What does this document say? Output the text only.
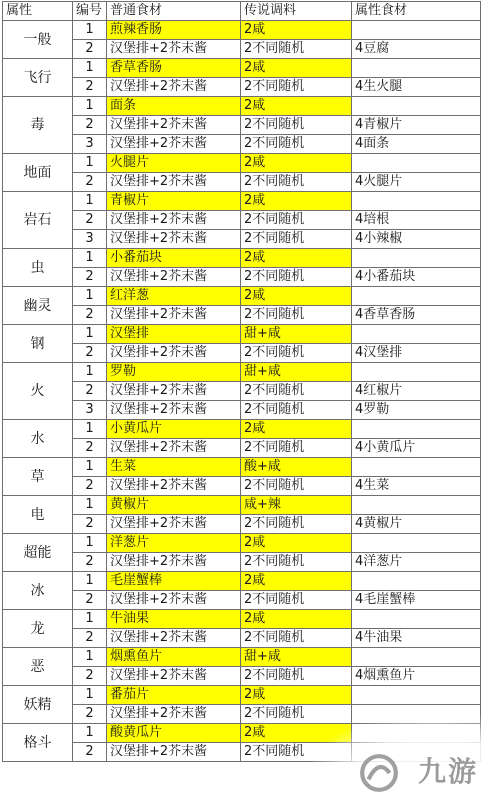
属性	编号	普通食材	传说调料	属性食材
一般	1	煎辣香肠	2咸	
	2	汉堡排+2芥末酱	2不同随机	4豆腐
飞行	1	香草香肠	2咸	
	2	汉堡排+2芥末酱	2不同随机	4生火腿
毒	1	面条	2咸	
	2	汉堡排+2芥末酱	2不同随机	4青椒片
	3	汉堡排+2芥末酱	2不同随机	4面条
地面	1	火腿片	2咸	
	2	汉堡排+2芥末酱	2不同随机	4火腿片
岩石	1	青椒片	2咸	
	2	汉堡排+2芥末酱	2不同随机	4培根
	3	汉堡排+2芥末酱	2不同随机	4小辣椒
虫	1	小番茄块	2咸	
	2	汉堡排+2芥末酱	2不同随机	4小番茄块
幽灵	1	红洋葱	2咸	
	2	汉堡排+2芥末酱	2不同随机	4香草香肠
钢	1	汉堡排	甜+咸	
	2	汉堡排+2芥末酱	2不同随机	4汉堡排
火	1	罗勒	甜+咸	
	2	汉堡排+2芥末酱	2不同随机	4红椒片
	3	汉堡排+2芥末酱	2不同随机	4罗勒
水	1	小黄瓜片	2咸	
	2	汉堡排+2芥末酱	2不同随机	4小黄瓜片
草	1	生菜	酸+咸	
	2	汉堡排+2芥末酱	2不同随机	4生菜
电	1	黄椒片	咸+辣	
	2	汉堡排+2芥末酱	2不同随机	4黄椒片
超能	1	洋葱片	2咸	
	2	汉堡排+2芥末酱	2不同随机	4洋葱片
冰	1	毛崖蟹棒	2咸	
	2	汉堡排+2芥末酱	2不同随机	4毛崖蟹棒
龙	1	牛油果	2咸	
	2	汉堡排+2芥末酱	2不同随机	4牛油果
恶	1	烟熏鱼片	甜+咸	
	2	汉堡排+2芥末酱	2不同随机	4烟熏鱼片
妖精	1	番茄片	2咸	
	2	汉堡排+2芥末酱	2不同随机	
格斗	1	酸黄瓜片	2咸	
	2	汉堡排+2芥末酱	2不同随机	
九游
